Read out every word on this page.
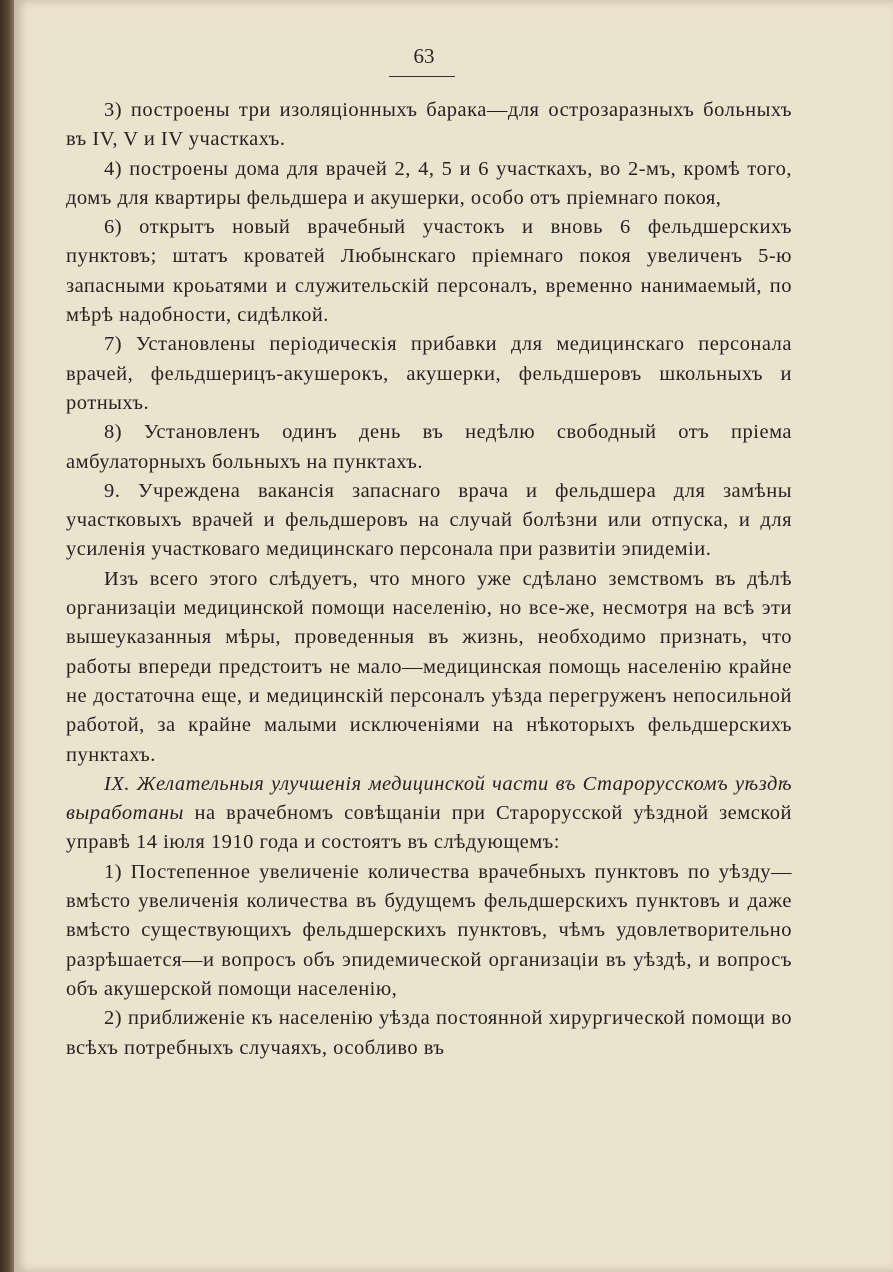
63

3) построены три изоляціонныхъ барака—для острозаразныхъ больныхъ въ IV, V и IV участкахъ.

4) построены дома для врачей 2, 4, 5 и 6 участкахъ, во 2-мъ, кромѣ того, домъ для квартиры фельдшера и акушерки, особо отъ пріемнаго покоя,

6) открытъ новый врачебный участокъ и вновь 6 фельдшерскихъ пунктовъ; штатъ кроватей Любынскаго пріемнаго покоя увеличенъ 5-ю запасными кроьатями и служительскій персоналъ, временно нанимаемый, по мѣрѣ надобности, сидѣлкой.

7) Установлены періодическія прибавки для медицинскаго персонала врачей, фельдшерицъ-акушерокъ, акушерки, фельдшеровъ школьныхъ и ротныхъ.

8) Установленъ одинъ день въ недѣлю свободный отъ пріема амбулаторныхъ больныхъ на пунктахъ.

9. Учреждена вакансія запаснаго врача и фельдшера для замѣны участковыхъ врачей и фельдшеровъ на случай болѣзни или отпуска, и для усиленія участковаго медицинскаго персонала при развитіи эпидеміи.

Изъ всего этого слѣдуетъ, что много уже сдѣлано земствомъ въ дѣлѣ организаціи медицинской помощи населенію, но все-же, несмотря на всѣ эти вышеуказанныя мѣры, проведенныя въ жизнь, необходимо признать, что работы впереди предстоитъ не мало—медицинская помощь населенію крайне не достаточна еще, и медицинскій персоналъ уѣзда перегруженъ непосильной работой, за крайне малыми исключеніями на нѣкоторыхъ фельдшерскихъ пунктахъ.

IX. Желательныя улучшенія медицинской части въ Старорусскомъ уѣздѣ выработаны на врачебномъ совѣщаніи при Старорусской уѣздной земской управѣ 14 іюля 1910 года и состоятъ въ слѣдующемъ:

1) Постепенное увеличеніе количества врачебныхъ пунктовъ по уѣзду—вмѣсто увеличенія количества въ будущемъ фельдшерскихъ пунктовъ и даже вмѣсто существующихъ фельдшерскихъ пунктовъ, чѣмъ удовлетворительно разрѣшается—и вопросъ объ эпидемической организаціи въ уѣздѣ, и вопросъ объ акушерской помощи населенію,

2) приближеніе къ населенію уѣзда постоянной хирургической помощи во всѣхъ потребныхъ случаяхъ, особливо въ
